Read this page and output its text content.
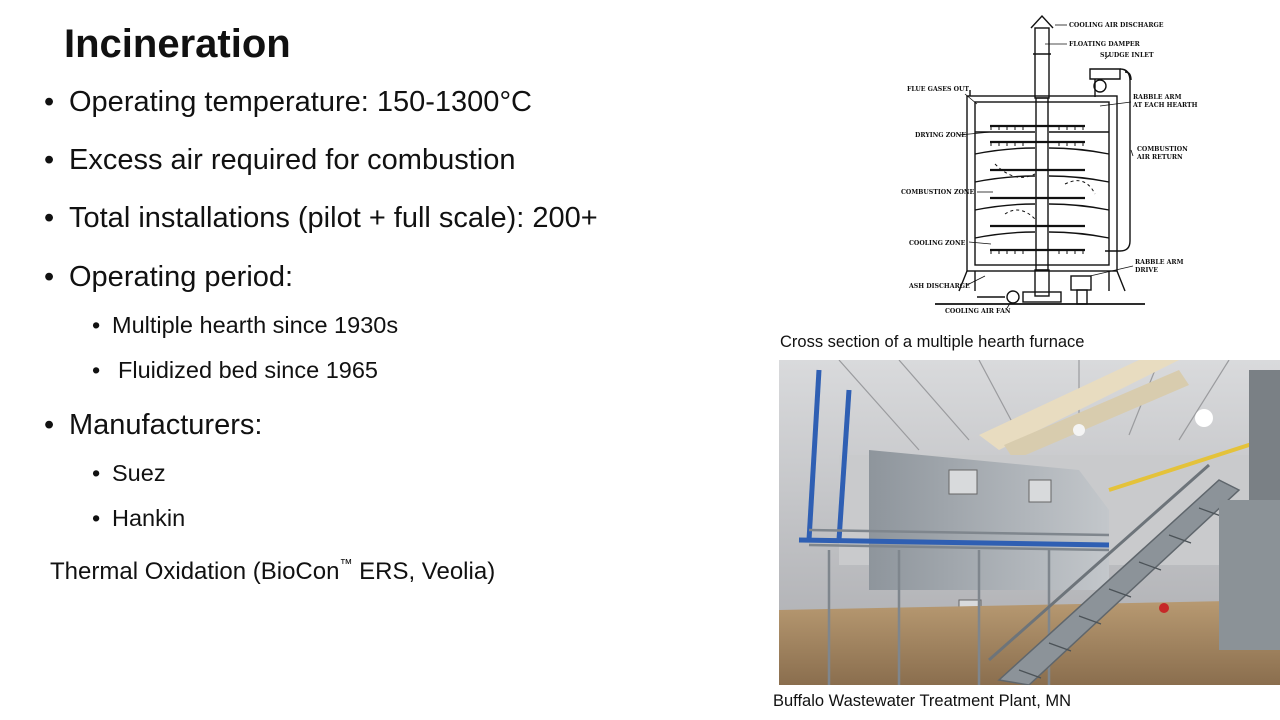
Incineration
• Operating temperature: 150-1300°C
• Excess air required for combustion
• Total installations (pilot + full scale): 200+
• Operating period:
• Multiple hearth since 1930s
• Fluidized bed since 1965
• Manufacturers:
• Suez
• Hankin
Thermal Oxidation (BioCon™ ERS, Veolia)
COOLING AIR DISCHARGE
FLOATING DAMPER
SLUDGE INLET
FLUE GASES OUT
RABBLE ARM
AT EACH HEARTH
DRYING ZONE
COMBUSTION
AIR RETURN
COMBUSTION ZONE
COOLING ZONE
RABBLE ARM
DRIVE
ASH DISCHARGE
COOLING AIR FAN
Cross section of a multiple hearth furnace
Buffalo Wastewater Treatment Plant, MN
